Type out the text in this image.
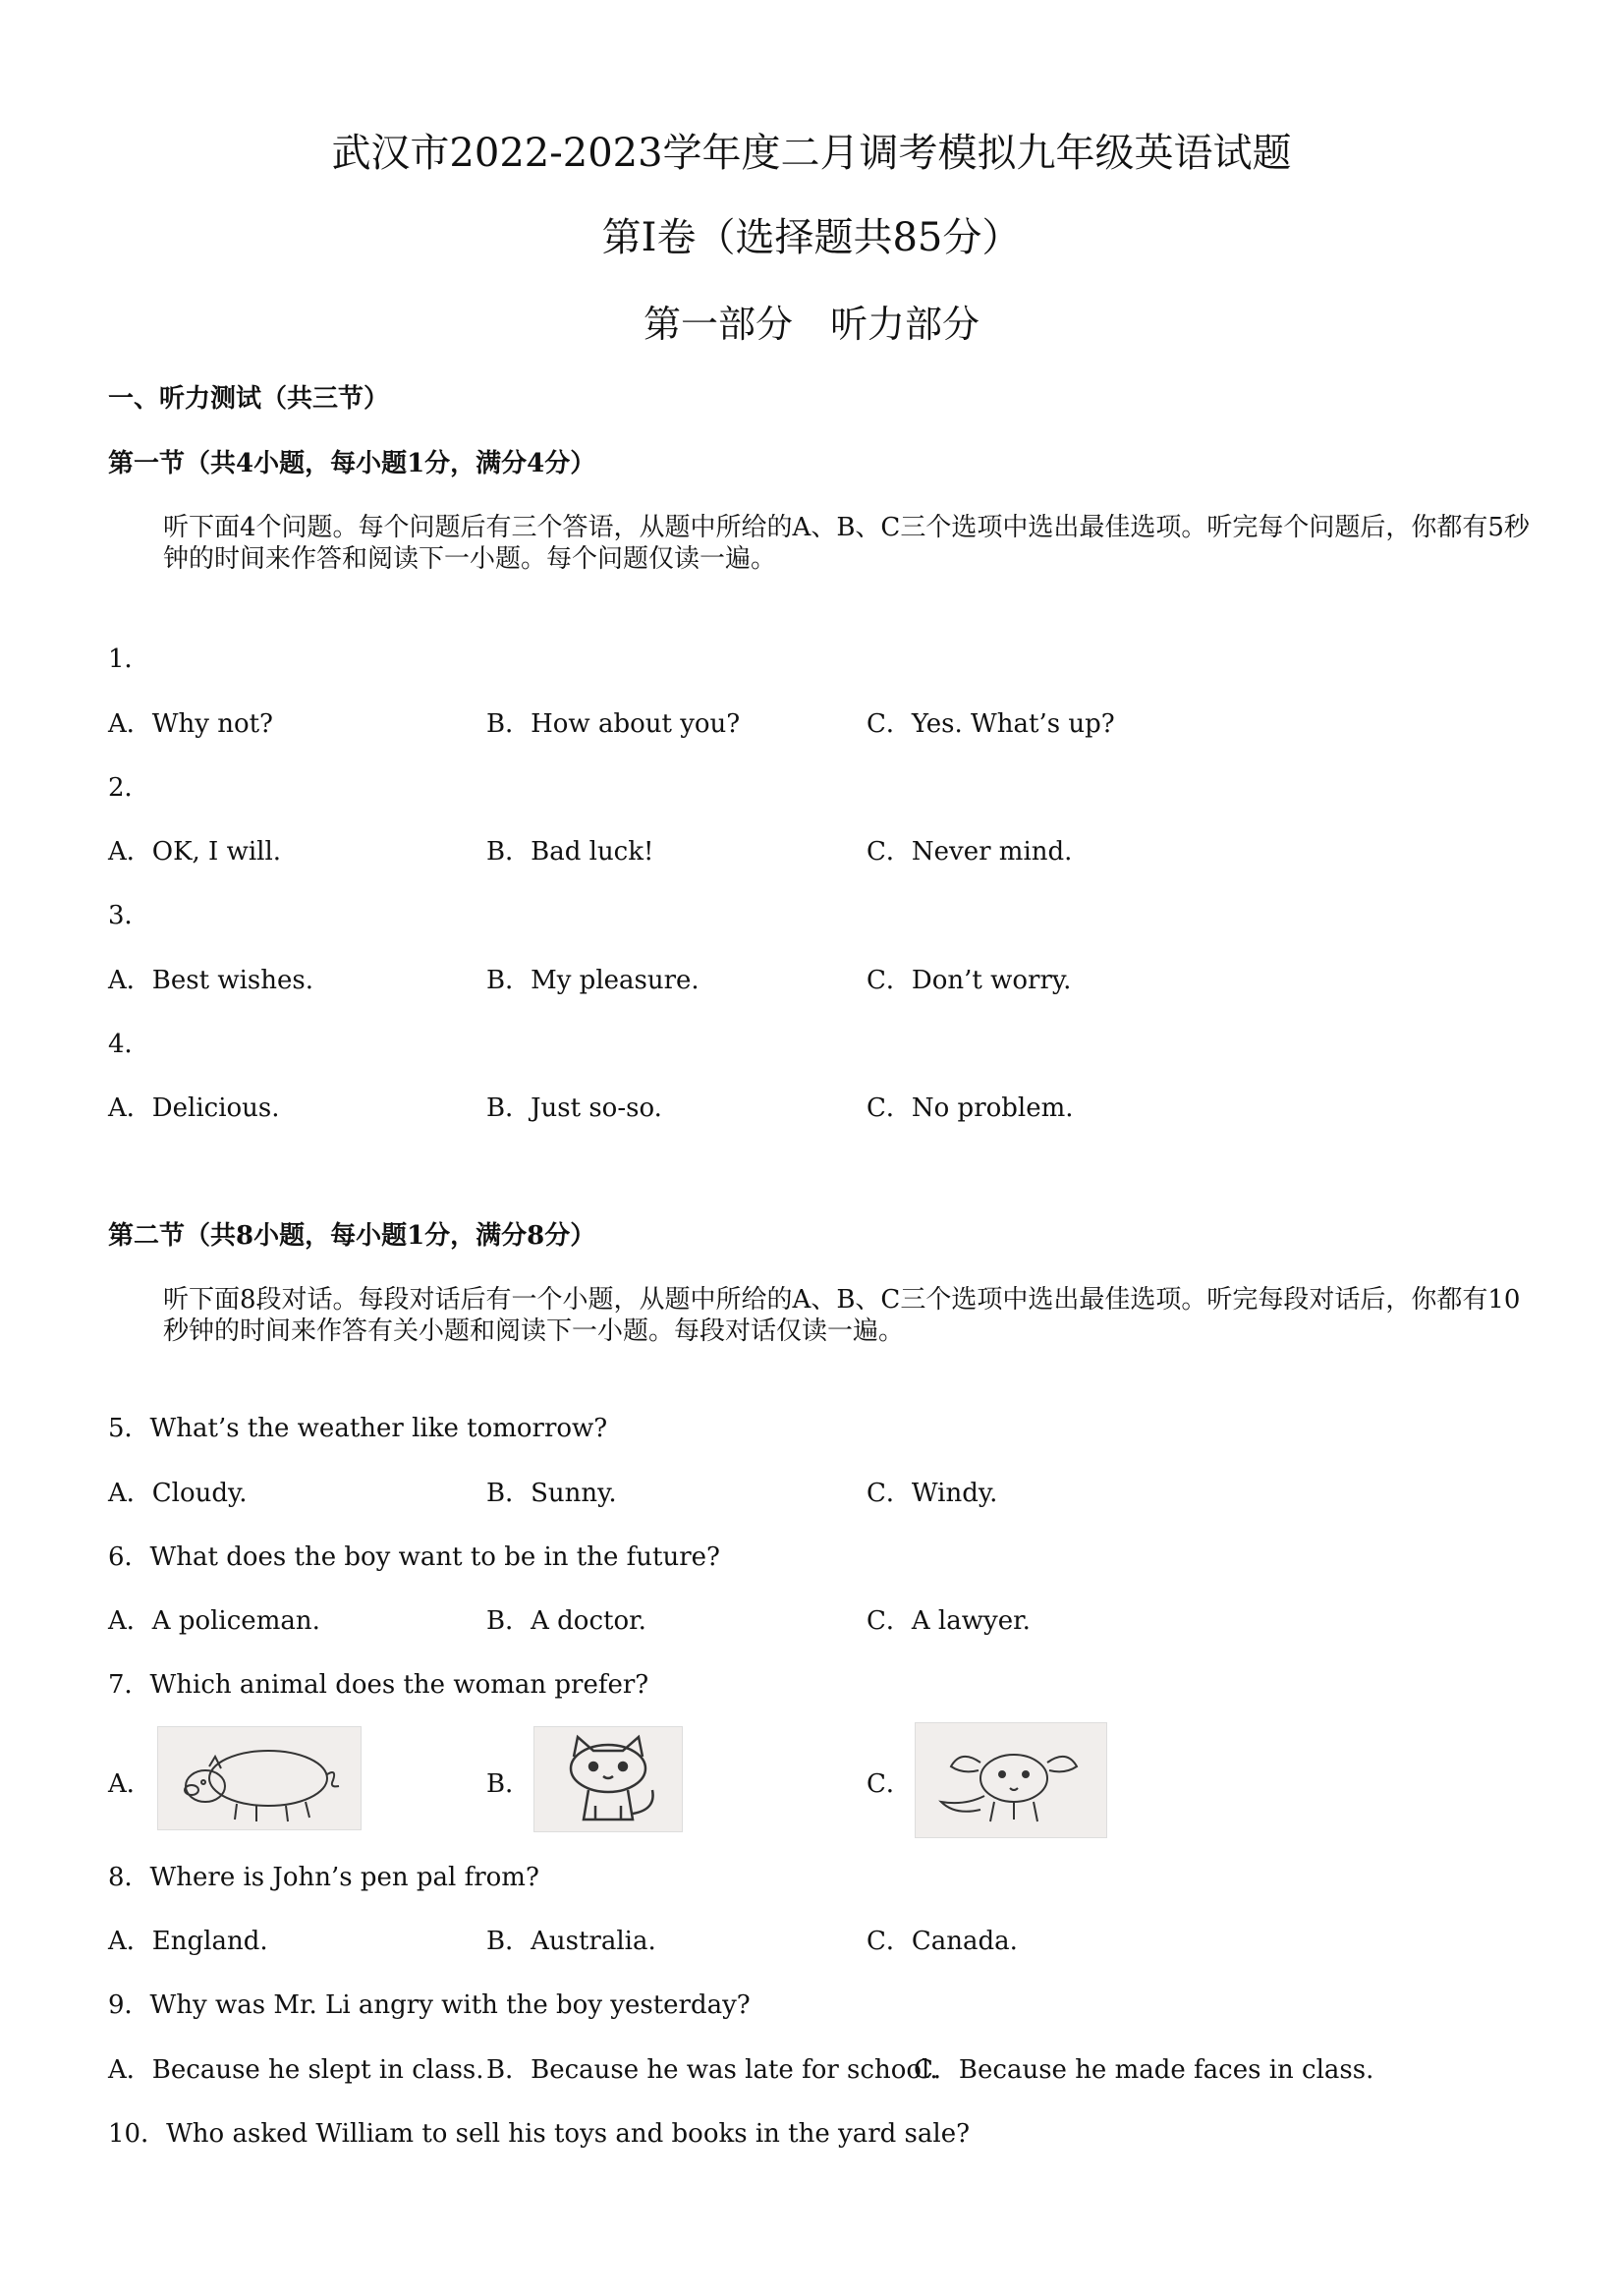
武汉市2022-2023学年度二月调考模拟九年级英语试题
第I卷（选择题共85分）
第一部分　听力部分
一、听力测试（共三节）
第一节（共4小题，每小题1分，满分4分）
听下面4个问题。每个问题后有三个答语，从题中所给的A、B、C三个选项中选出最佳选项。听完每个问题后，你都有5秒钟的时间来作答和阅读下一小题。每个问题仅读一遍。
1．
A．Why not?	B．How about you?	C．Yes. What’s up?
2．
A．OK, I will.	B．Bad luck!	C．Never mind.
3．
A．Best wishes.	B．My pleasure.	C．Don’t worry.
4．
A．Delicious.	B．Just so-so.	C．No problem.
第二节（共8小题，每小题1分，满分8分）
听下面8段对话。每段对话后有一个小题，从题中所给的A、B、C三个选项中选出最佳选项。听完每段对话后，你都有10秒钟的时间来作答有关小题和阅读下一小题。每段对话仅读一遍。
5．What’s the weather like tomorrow?
A．Cloudy.	B．Sunny.	C．Windy.
6．What does the boy want to be in the future?
A．A policeman.	B．A doctor.	C．A lawyer.
7．Which animal does the woman prefer?
A．	B．	C．
8．Where is John’s pen pal from?
A．England.	B．Australia.	C．Canada.
9．Why was Mr. Li angry with the boy yesterday?
A．Because he slept in class. B．Because he was late for school.
C．Because he made faces in class.
10．Who asked William to sell his toys and books in the yard sale?
